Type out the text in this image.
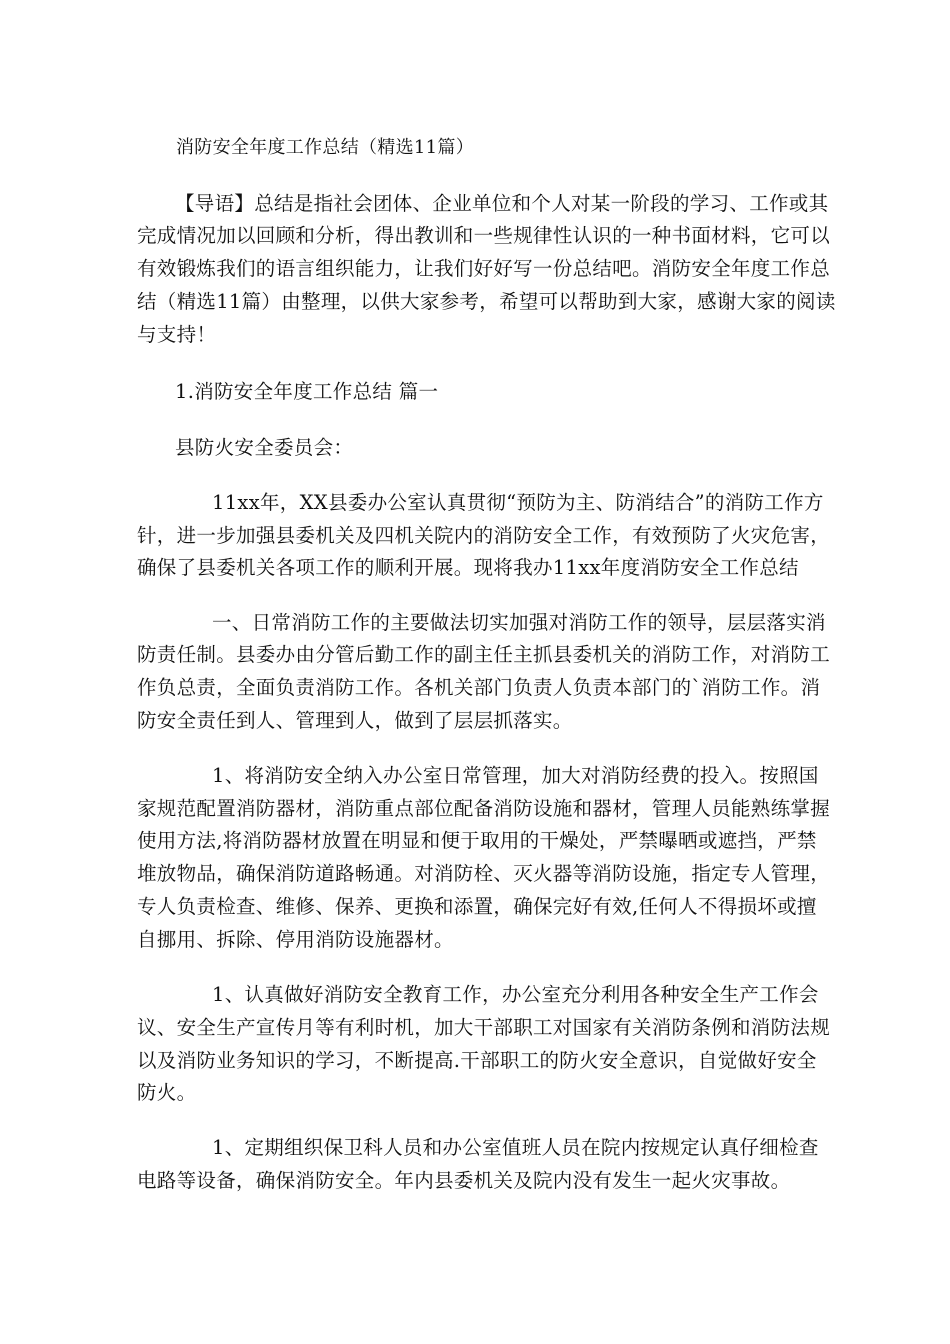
消防安全年度工作总结（精选11篇）
【导语】总结是指社会团体、企业单位和个人对某一阶段的学习、工作或其
完成情况加以回顾和分析，得出教训和一些规律性认识的一种书面材料，它可以
有效锻炼我们的语言组织能力，让我们好好写一份总结吧。消防安全年度工作总
结（精选11篇）由整理，以供大家参考，希望可以帮助到大家，感谢大家的阅读
与支持！
1.消防安全年度工作总结 篇一
县防火安全委员会：
11xx年，XX县委办公室认真贯彻“预防为主、防消结合”的消防工作方
针，进一步加强县委机关及四机关院内的消防安全工作，有效预防了火灾危害，
确保了县委机关各项工作的顺利开展。现将我办11xx年度消防安全工作总结
一、日常消防工作的主要做法切实加强对消防工作的领导，层层落实消
防责任制。县委办由分管后勤工作的副主任主抓县委机关的消防工作，对消防工
作负总责，全面负责消防工作。各机关部门负责人负责本部门的`消防工作。消
防安全责任到人、管理到人，做到了层层抓落实。
1、将消防安全纳入办公室日常管理，加大对消防经费的投入。按照国
家规范配置消防器材，消防重点部位配备消防设施和器材，管理人员能熟练掌握
使用方法,将消防器材放置在明显和便于取用的干燥处，严禁曝晒或遮挡，严禁
堆放物品，确保消防道路畅通。对消防栓、灭火器等消防设施，指定专人管理，
专人负责检查、维修、保养、更换和添置，确保完好有效,任何人不得损坏或擅
自挪用、拆除、停用消防设施器材。
1、认真做好消防安全教育工作，办公室充分利用各种安全生产工作会
议、安全生产宣传月等有利时机，加大干部职工对国家有关消防条例和消防法规
以及消防业务知识的学习，不断提高.干部职工的防火安全意识，自觉做好安全
防火。
1、定期组织保卫科人员和办公室值班人员在院内按规定认真仔细检查
电路等设备，确保消防安全。年内县委机关及院内没有发生一起火灾事故。
